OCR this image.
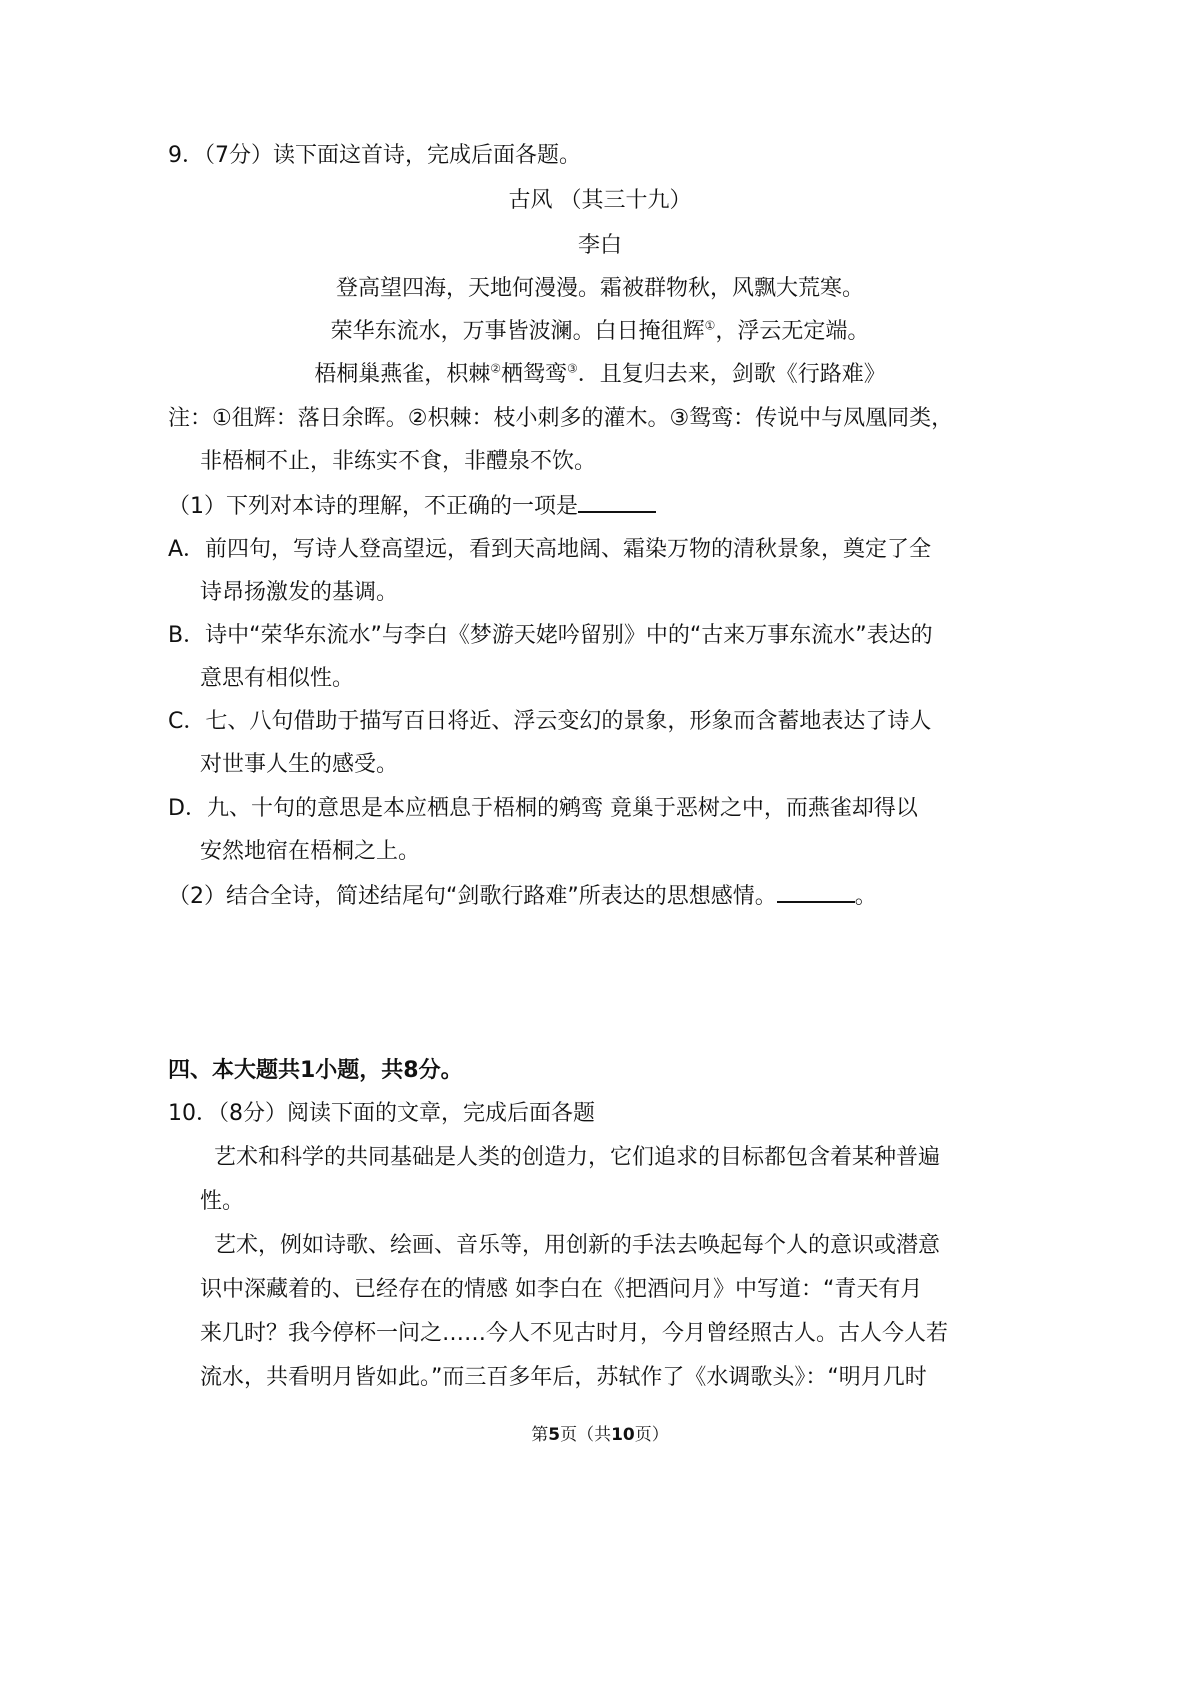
9．（7分）读下面这首诗，完成后面各题。
古风 （其三十九）
李白
登高望四海，天地何漫漫。霜被群物秋，风飘大荒寒。
荣华东流水，万事皆波澜。白日掩徂辉①，浮云无定端。
梧桐巢燕雀，枳棘②栖鸳鸾③．且复归去来，剑歌《行路难》
注：①徂辉：落日余晖。②枳棘：枝小刺多的灌木。③鸳鸾：传说中与凤凰同类，
非梧桐不止，非练实不食，非醴泉不饮。
（1）下列对本诗的理解，不正确的一项是
A．前四句，写诗人登高望远，看到天高地阔、霜染万物的清秋景象，奠定了全
诗昂扬激发的基调。
B．诗中“荣华东流水”与李白《梦游天姥吟留别》中的“古来万事东流水”表达的
意思有相似性。
C．七、八句借助于描写百日将近、浮云变幻的景象，形象而含蓄地表达了诗人
对世事人生的感受。
D．九、十句的意思是本应栖息于梧桐的鹓鸾 竟巢于恶树之中，而燕雀却得以
安然地宿在梧桐之上。
（2）结合全诗，简述结尾句“剑歌行路难”所表达的思想感情。	。
四、本大题共1小题，共8分。
10．（8分）阅读下面的文章，完成后面各题
艺术和科学的共同基础是人类的创造力，它们追求的目标都包含着某种普遍
性。
艺术，例如诗歌、绘画、音乐等，用创新的手法去唤起每个人的意识或潜意
识中深藏着的、已经存在的情感 如李白在《把酒问月》中写道：“青天有月
来几时？我今停杯一问之……今人不见古时月，今月曾经照古人。古人今人若
流水，共看明月皆如此。”而三百多年后，苏轼作了《水调歌头》：“明月几时
第5页（共10页）
